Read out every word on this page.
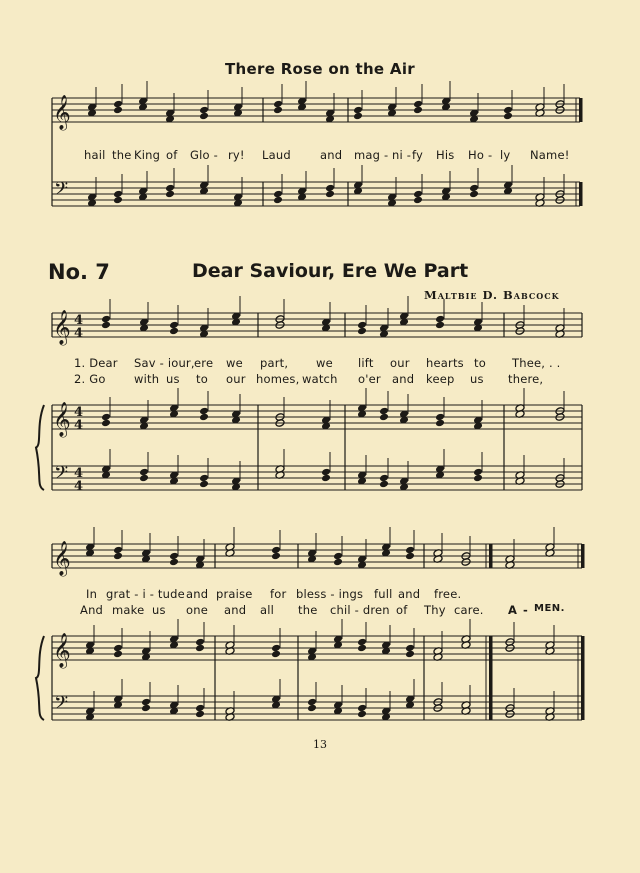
There Rose on the Air
𝄞
𝄢
𝄞
𝄞
𝄢
4
4
4
4
4
4
𝄞
𝄞
𝄢
hail the King of Glo - ry! Laud	and mag - ni - fy His Ho - ly Name!
No. 7	Dear Saviour, Ere We Part
Maltbie D. Babcock
1. Dear Sav - iour, ere we part, we lift our hearts to Thee, . .
2. Go with us to our homes, watch o'er and keep us there,
In grat - i - tude and praise for bless - ings full and free.
And make us one and all the chil - dren of Thy care. A - MEN.
13
